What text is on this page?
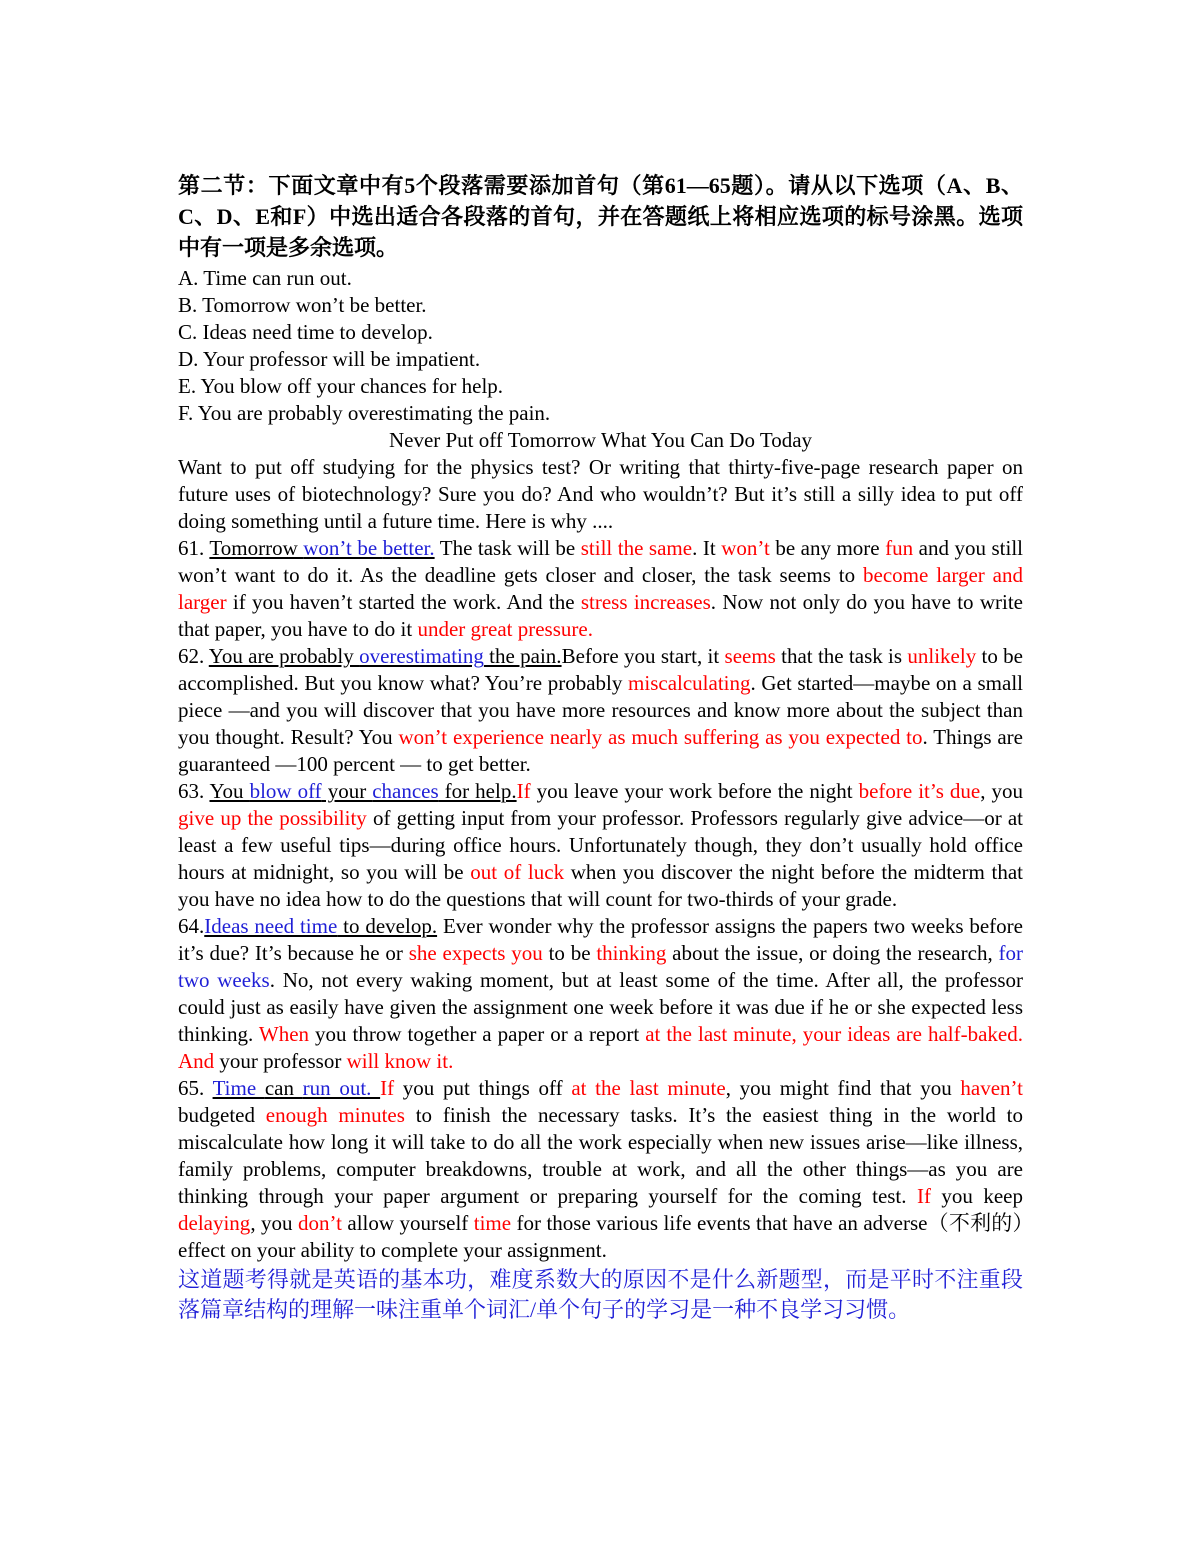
第二节：下面文章中有5个段落需要添加首句（第61—65题）。请从以下选项（A、B、C、D、E和F）中选出适合各段落的首句，并在答题纸上将相应选项的标号涂黑。选项中有一项是多余选项。

A. Time can run out.

B. Tomorrow won’t be better.

C. Ideas need time to develop.

D. Your professor will be impatient.

E. You blow off your chances for help.

F. You are probably overestimating the pain.

Never Put off Tomorrow What You Can Do Today

Want to put off studying for the physics test? Or writing that thirty-five-page research paper on future uses of biotechnology? Sure you do? And who wouldn’t? But it’s still a silly idea to put off doing something until a future time. Here is why ....

61. Tomorrow won’t be better. The task will be still the same. It won’t be any more fun and you still won’t want to do it. As the deadline gets closer and closer, the task seems to become larger and larger if you haven’t started the work. And the stress increases. Now not only do you have to write that paper, you have to do it under great pressure.

62. You are probably overestimating the pain.Before you start, it seems that the task is unlikely to be accomplished. But you know what? You’re probably miscalculating. Get started—maybe on a small piece —and you will discover that you have more resources and know more about the subject than you thought. Result? You won’t experience nearly as much suffering as you expected to. Things are guaranteed —100 percent — to get better.

63. You blow off your chances for help.If you leave your work before the night before it’s due, you give up the possibility of getting input from your professor. Professors regularly give advice—or at least a few useful tips—during office hours. Unfortunately though, they don’t usually hold office hours at midnight, so you will be out of luck when you discover the night before the midterm that you have no idea how to do the questions that will count for two-thirds of your grade.

64.Ideas need time to develop. Ever wonder why the professor assigns the papers two weeks before it’s due? It’s because he or she expects you to be thinking about the issue, or doing the research, for two weeks. No, not every waking moment, but at least some of the time. After all, the professor could just as easily have given the assignment one week before it was due if he or she expected less thinking. When you throw together a paper or a report at the last minute, your ideas are half-baked. And your professor will know it.

65. Time can run out. If you put things off at the last minute, you might find that you haven’t budgeted enough minutes to finish the necessary tasks. It’s the easiest thing in the world to miscalculate how long it will take to do all the work especially when new issues arise—like illness, family problems, computer breakdowns, trouble at work, and all the other things—as you are thinking through your paper argument or preparing yourself for the coming test. If you keep delaying, you don’t allow yourself time for those various life events that have an adverse（不利的）effect on your ability to complete your assignment.

这道题考得就是英语的基本功，难度系数大的原因不是什么新题型，而是平时不注重段落篇章结构的理解一味注重单个词汇/单个句子的学习是一种不良学习习惯。
